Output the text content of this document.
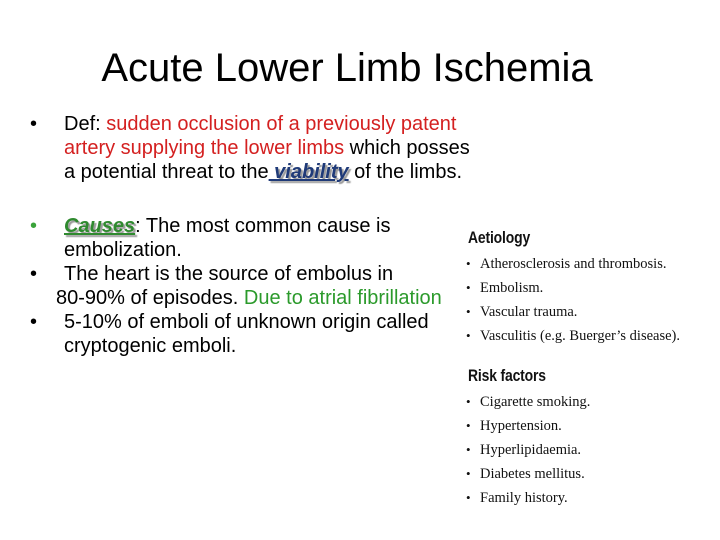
Acute Lower Limb Ischemia
•	Def: sudden occlusion of a previously patent artery supplying the lower limbs which posses a potential threat to the viability of the limbs.
•	Causes: The most common cause is embolization.
•	The heart is the source of embolus in
80-90% of episodes. Due to atrial fibrillation
•	5-10% of emboli of unknown origin called cryptogenic emboli.
Aetiology
• Atherosclerosis and thrombosis.
• Embolism.
• Vascular trauma.
• Vasculitis (e.g. Buerger’s disease).
Risk factors
• Cigarette smoking.
• Hypertension.
• Hyperlipidaemia.
• Diabetes mellitus.
• Family history.
